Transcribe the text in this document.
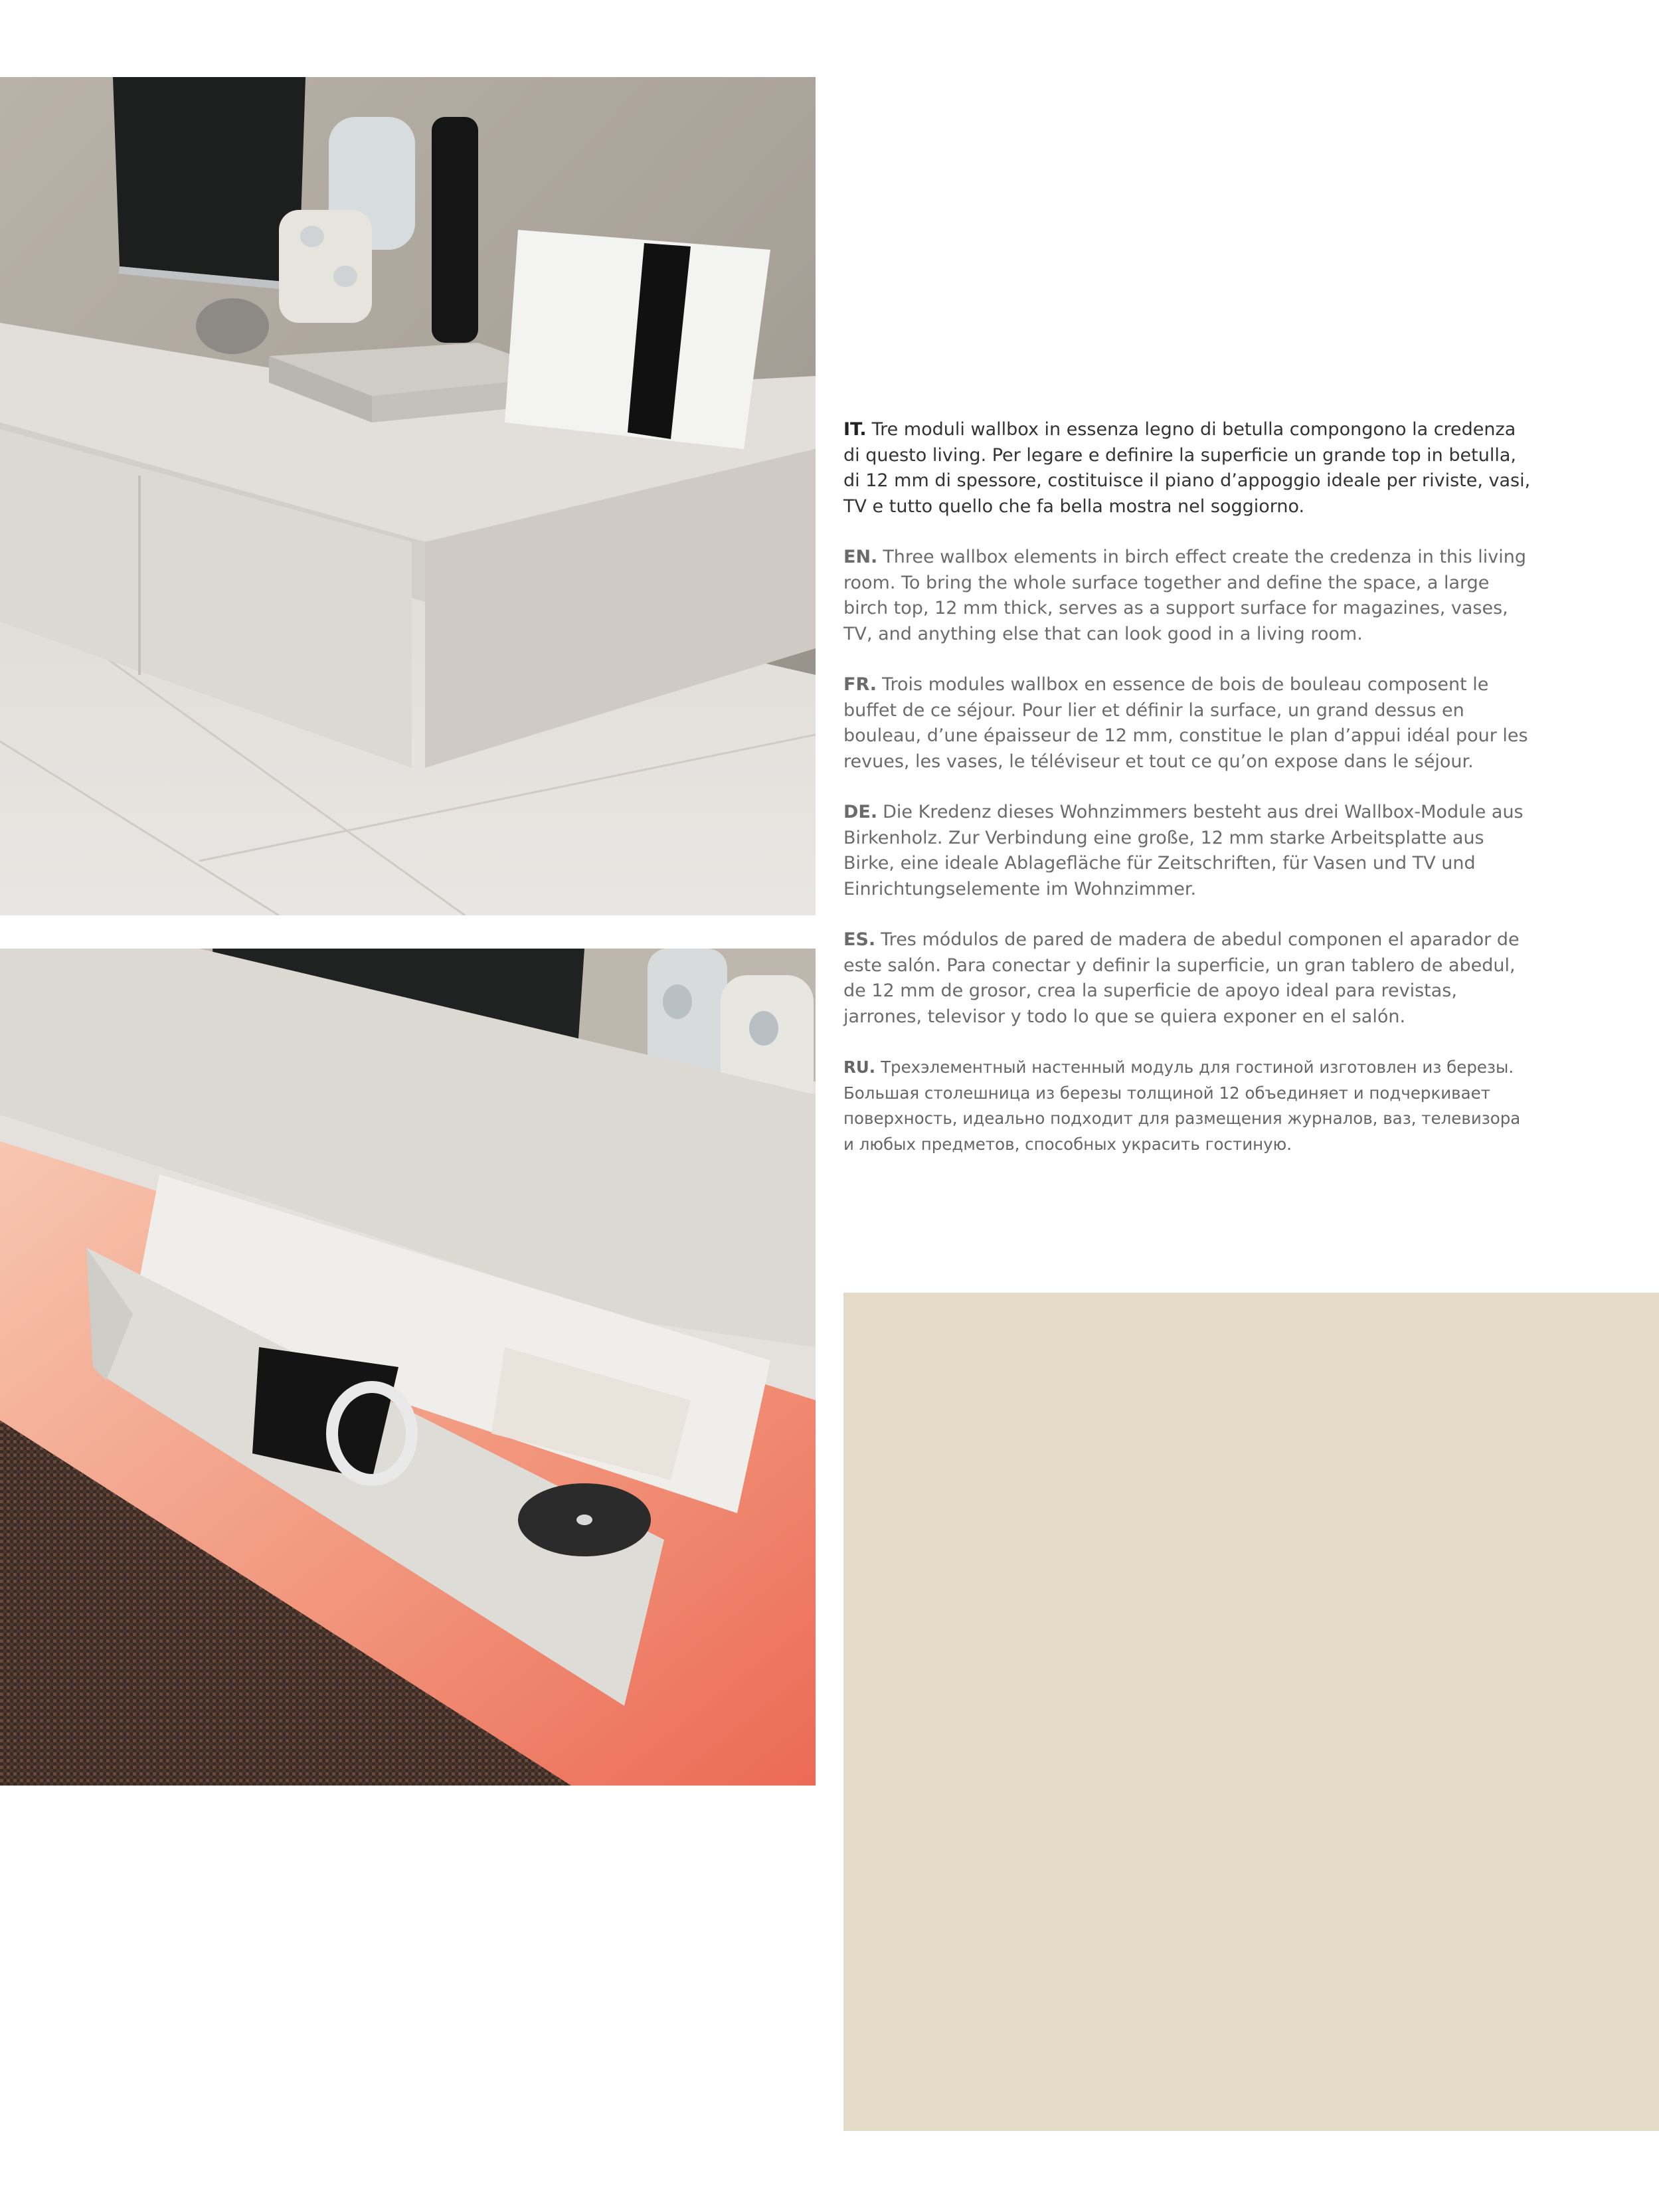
IT. Tre moduli wallbox in essenza legno di betulla compongono la credenza di questo living. Per legare e definire la superficie un grande top in betulla, di 12 mm di spessore, costituisce il piano d’appoggio ideale per riviste, vasi, TV e tutto quello che fa bella mostra nel soggiorno.

EN. Three wallbox elements in birch effect create the credenza in this living room. To bring the whole surface together and define the space, a large birch top, 12 mm thick, serves as a support surface for magazines, vases, TV, and anything else that can look good in a living room.

FR. Trois modules wallbox en essence de bois de bouleau composent le buffet de ce séjour. Pour lier et définir la surface, un grand dessus en bouleau, d’une épaisseur de 12 mm, constitue le plan d’appui idéal pour les revues, les vases, le téléviseur et tout ce qu’on expose dans le séjour.

DE. Die Kredenz dieses Wohnzimmers besteht aus drei Wallbox-Module aus Birkenholz. Zur Verbindung eine große, 12 mm starke Arbeitsplatte aus Birke, eine ideale Ablagefläche für Zeitschriften, für Vasen und TV und Einrichtungselemente im Wohnzimmer.

ES. Tres módulos de pared de madera de abedul componen el aparador de este salón. Para conectar y definir la superficie, un gran tablero de abedul, de 12 mm de grosor, crea la superficie de apoyo ideal para revistas, jarrones, televisor y todo lo que se quiera exponer en el salón.

RU. Трехэлементный настенный модуль для гостиной изготовлен из березы. Большая столешница из березы толщиной 12 объединяет и подчеркивает поверхность, идеально подходит для размещения журналов, ваз, телевизора и любых предметов, способных украсить гостиную.
